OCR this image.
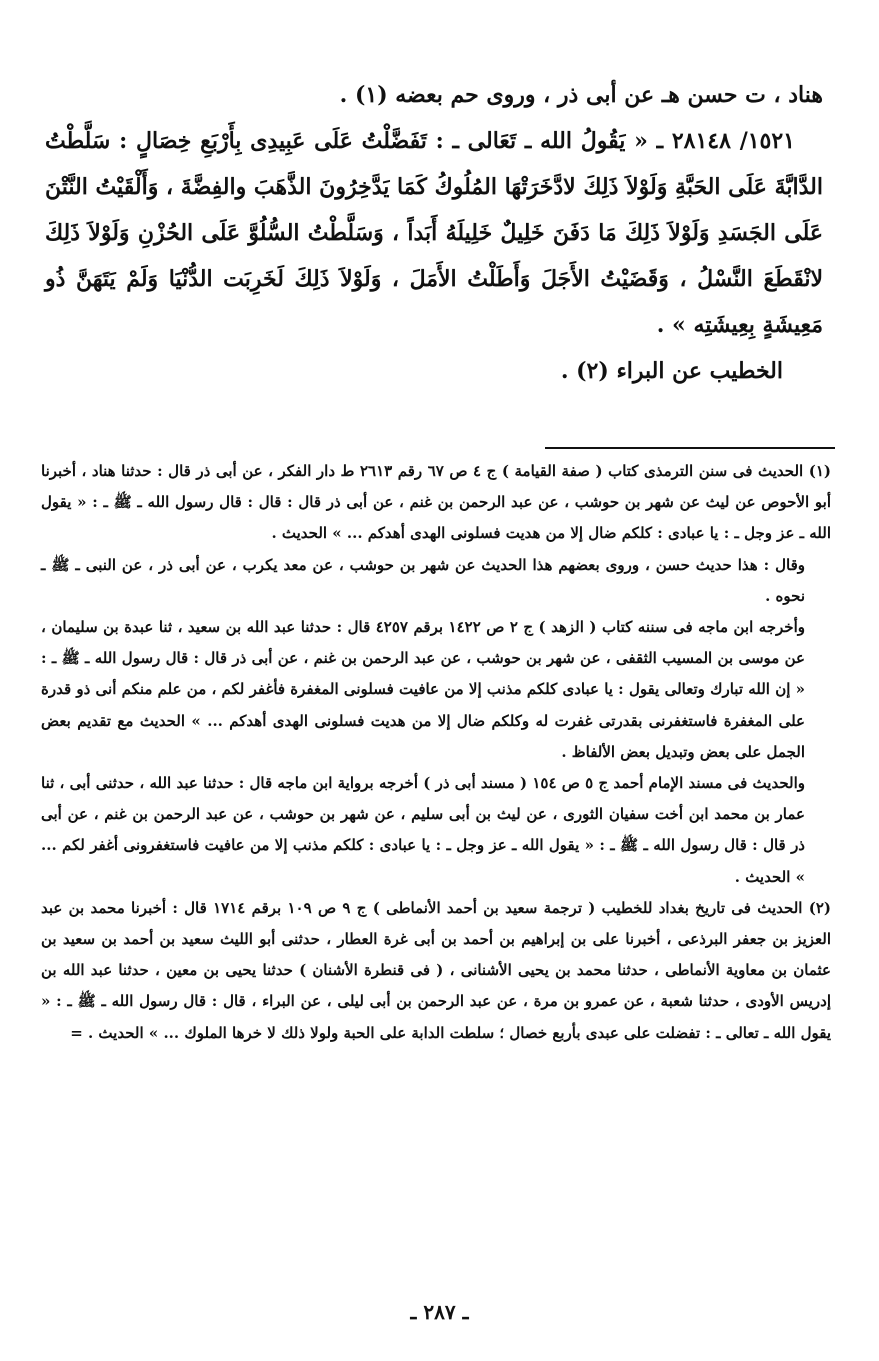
هناد ، ت حسن هـ عن أبى ذر ، وروى حم بعضه (١) .

١٥٢١/ ٢٨١٤٨ ـ « يَقُولُ الله ـ تَعَالى ـ : تَفَضَّلْتُ عَلَى عَبِيدِى بِأَرْبَعِ خِصَالٍ : سَلَّطْتُ الدَّابَّةَ عَلَى الحَبَّةِ وَلَوْلاَ ذَلِكَ لادَّخَرَتْهَا المُلُوكُ كَمَا يَدَّخِرُونَ الذَّهَبَ والفِضَّةَ ، وَأَلْقَيْتُ النَّتْنَ عَلَى الجَسَدِ وَلَوْلاَ ذَلِكَ مَا دَفَنَ خَلِيلٌ خَلِيلَهُ أَبَداً ، وَسَلَّطْتُ السُّلُوَّ عَلَى الحُزْنِ وَلَوْلاَ ذَلِكَ لانْقَطَعَ النَّسْلُ ، وَقَضَيْتُ الأَجَلَ وَأَطَلْتُ الأَمَلَ ، وَلَوْلاَ ذَلِكَ لَخَرِبَت الدُّنْيَا وَلَمْ يَتَهَنَّ ذُو مَعِيشَةٍ بِعِيشَتِه » .

الخطيب عن البراء (٢) .

(١) الحديث فى سنن الترمذى كتاب ( صفة القيامة ) ج ٤ ص ٦٧ رقم ٢٦١٣ ط دار الفكر ، عن أبى ذر قال : حدثنا هناد ، أخبرنا أبو الأحوص عن ليث عن شهر بن حوشب ، عن عبد الرحمن بن غنم ، عن أبى ذر قال : قال : قال رسول الله ـ ﷺ ـ : « يقول الله ـ عز وجل ـ : يا عبادى : كلكم ضال إلا من هديت فسلونى الهدى أهدكم ... » الحديث .

وقال : هذا حديث حسن ، وروى بعضهم هذا الحديث عن شهر بن حوشب ، عن معد يكرب ، عن أبى ذر ، عن النبى ـ ﷺ ـ نحوه .

وأخرجه ابن ماجه فى سننه كتاب ( الزهد ) ج ٢ ص ١٤٢٢ برقم ٤٢٥٧ قال : حدثنا عبد الله بن سعيد ، ثنا عبدة بن سليمان ، عن موسى بن المسيب الثقفى ، عن شهر بن حوشب ، عن عبد الرحمن بن غنم ، عن أبى ذر قال : قال رسول الله ـ ﷺ ـ : « إن الله تبارك وتعالى يقول : يا عبادى كلكم مذنب إلا من عافيت فسلونى المغفرة فأغفر لكم ، من علم منكم أنى ذو قدرة على المغفرة فاستغفرنى بقدرتى غفرت له وكلكم ضال إلا من هديت فسلونى الهدى أهدكم ... » الحديث مع تقديم بعض الجمل على بعض وتبديل بعض الألفاظ .

والحديث فى مسند الإمام أحمد ج ٥ ص ١٥٤ ( مسند أبى ذر ) أخرجه برواية ابن ماجه قال : حدثنا عبد الله ، حدثنى أبى ، ثنا عمار بن محمد ابن أخت سفيان الثورى ، عن ليث بن أبى سليم ، عن شهر بن حوشب ، عن عبد الرحمن بن غنم ، عن أبى ذر قال : قال رسول الله ـ ﷺ ـ : « يقول الله ـ عز وجل ـ : يا عبادى : كلكم مذنب إلا من عافيت فاستغفرونى أغفر لكم ... » الحديث .

(٢) الحديث فى تاريخ بغداد للخطيب ( ترجمة سعيد بن أحمد الأنماطى ) ج ٩ ص ١٠٩ برقم ١٧١٤ قال : أخبرنا محمد بن عبد العزيز بن جعفر البرذعى ، أخبرنا على بن إبراهيم بن أحمد بن أبى غرة العطار ، حدثنى أبو الليث سعيد بن أحمد بن سعيد بن عثمان بن معاوية الأنماطى ، حدثنا محمد بن يحيى الأشنانى ، ( فى قنطرة الأشنان ) حدثنا يحيى بن معين ، حدثنا عبد الله بن إدريس الأودى ، حدثنا شعبة ، عن عمرو بن مرة ، عن عبد الرحمن بن أبى ليلى ، عن البراء ، قال : قال رسول الله ـ ﷺ ـ : « يقول الله ـ تعالى ـ : تفضلت على عبدى بأربع خصال ؛ سلطت الدابة على الحبة ولولا ذلك لا خرها الملوك ... » الحديث . =

ـ ٢٨٧ ـ
